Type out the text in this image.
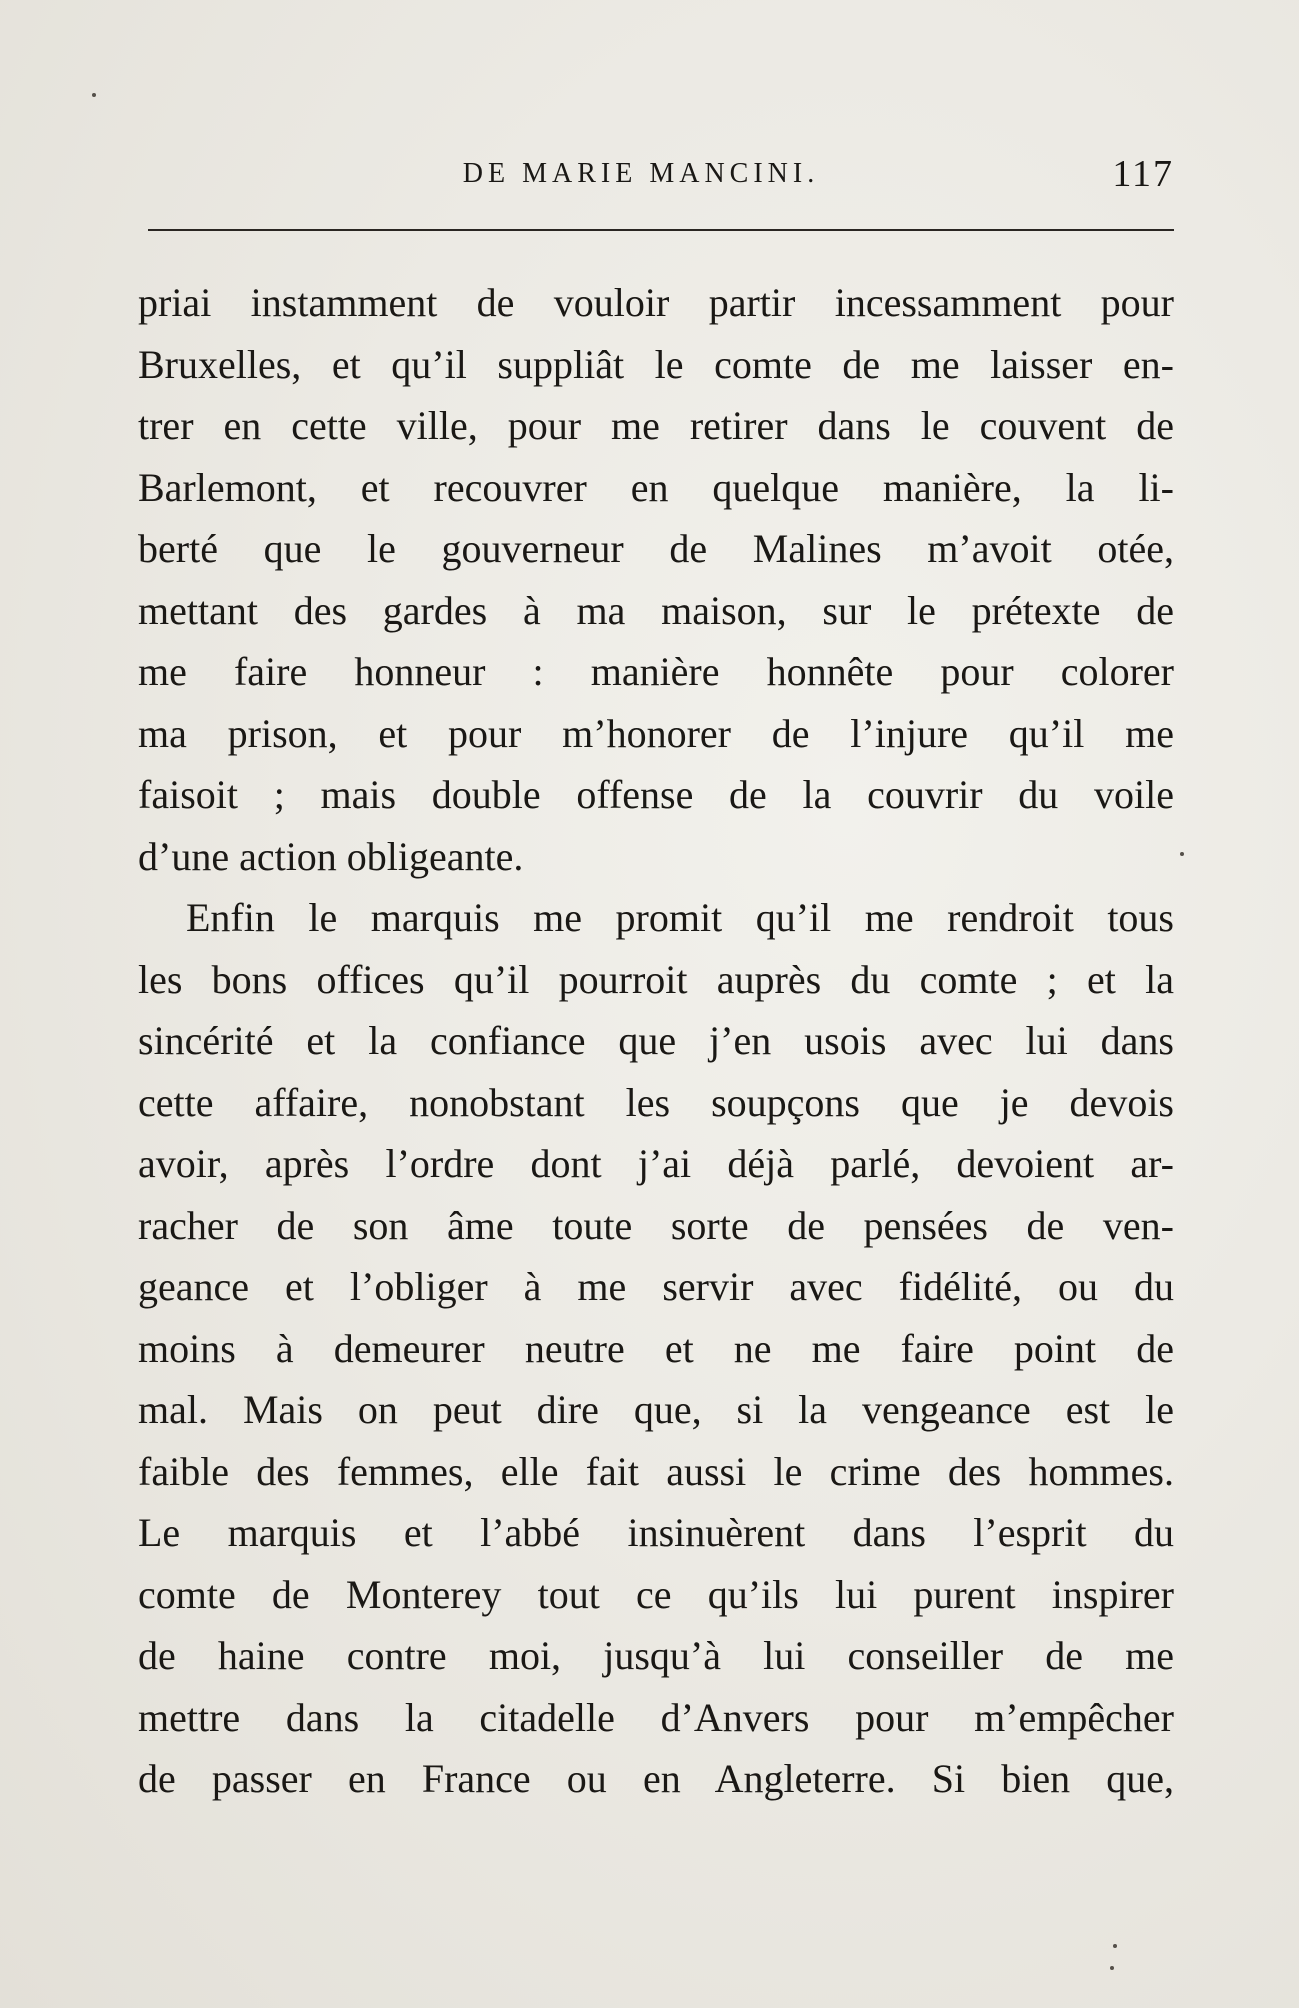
DE MARIE MANCINI.	117
priai instamment de vouloir partir incessamment pour
Bruxelles, et qu’il suppliât le comte de me laisser en-
trer en cette ville, pour me retirer dans le couvent de
Barlemont, et recouvrer en quelque manière, la li-
berté que le gouverneur de Malines m’avoit otée,
mettant des gardes à ma maison, sur le prétexte de
me faire honneur : manière honnête pour colorer
ma prison, et pour m’honorer de l’injure qu’il me
faisoit ; mais double offense de la couvrir du voile
d’une action obligeante.
Enfin le marquis me promit qu’il me rendroit tous
les bons offices qu’il pourroit auprès du comte ; et la
sincérité et la confiance que j’en usois avec lui dans
cette affaire, nonobstant les soupçons que je devois
avoir, après l’ordre dont j’ai déjà parlé, devoient ar-
racher de son âme toute sorte de pensées de ven-
geance et l’obliger à me servir avec fidélité, ou du
moins à demeurer neutre et ne me faire point de
mal. Mais on peut dire que, si la vengeance est le
faible des femmes, elle fait aussi le crime des hommes.
Le marquis et l’abbé insinuèrent dans l’esprit du
comte de Monterey tout ce qu’ils lui purent inspirer
de haine contre moi, jusqu’à lui conseiller de me
mettre dans la citadelle d’Anvers pour m’empêcher
de passer en France ou en Angleterre. Si bien que,
